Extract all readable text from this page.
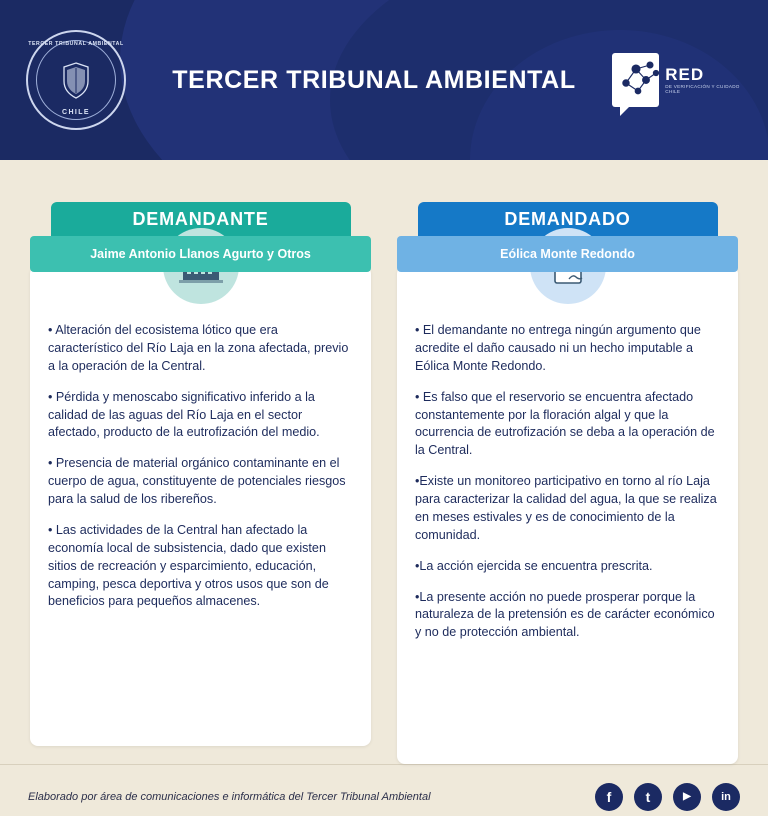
TERCER TRIBUNAL AMBIENTAL
CHILE
TERCER TRIBUNAL AMBIENTAL	RED
DE VERIFICACIÓN Y CUIDADO CHILE
DEMANDANTE
Jaime Antonio Llanos Agurto y Otros
• Alteración del ecosistema lótico que era característico del Río Laja en la zona afectada, previo a la operación de la Central.
• Pérdida y menoscabo significativo inferido a la calidad de las aguas del Río Laja en el sector afectado, producto de la eutrofización del medio.
• Presencia de material orgánico contaminante en el cuerpo de agua, constituyente de potenciales riesgos para la salud de los ribereños.
• Las actividades de la Central han afectado la economía local de subsistencia, dado que existen sitios de recreación y esparcimiento, educación, camping, pesca deportiva y otros usos que son de beneficios para pequeños almacenes.
DEMANDADO
Eólica Monte Redondo
• El demandante no entrega ningún argumento que acredite el daño causado ni un hecho imputable a Eólica Monte Redondo.
• Es falso que el reservorio se encuentra afectado constantemente por la floración algal y que la ocurrencia de eutrofización se deba a la operación de la Central.
•Existe un monitoreo participativo en torno al río Laja para caracterizar la calidad del agua, la que se realiza en meses estivales y es de conocimiento de la comunidad.
•La acción ejercida se encuentra prescrita.
•La presente acción no puede prosperar porque la naturaleza de la pretensión es de carácter económico y no de protección ambiental.
Elaborado por área de comunicaciones e informática del Tercer Tribunal Ambiental	f	t	▶	in
